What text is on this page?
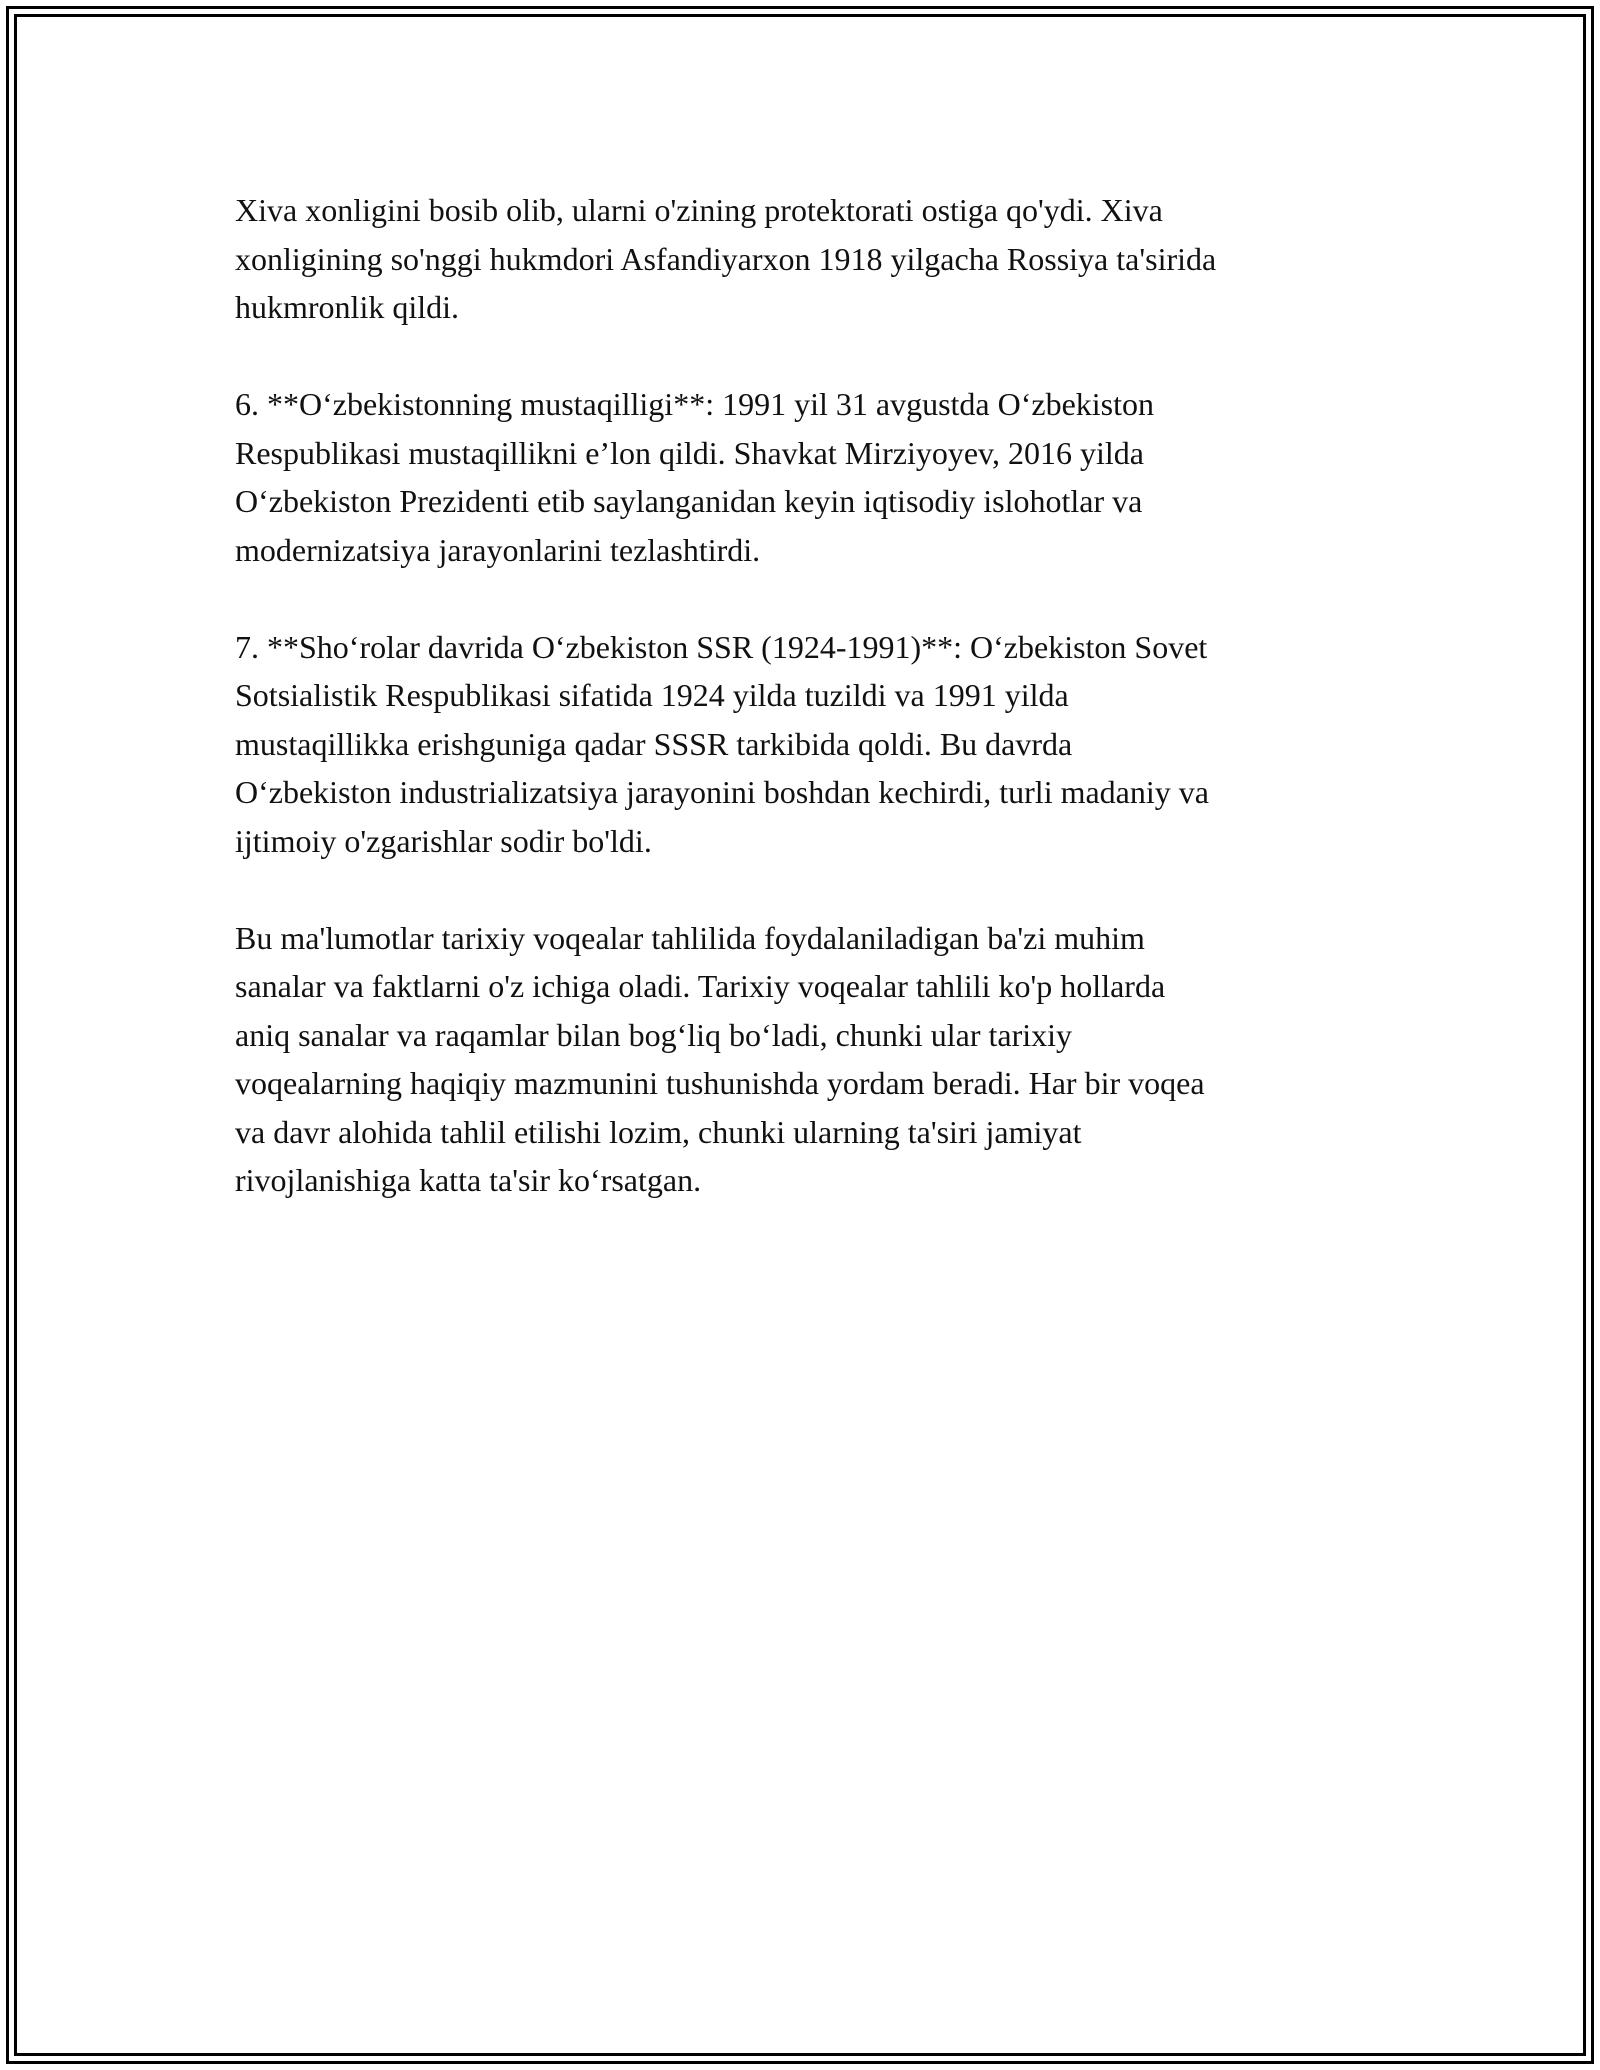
Xiva xonligini bosib olib, ularni o'zining protektorati ostiga qo'ydi. Xiva
xonligining so'nggi hukmdori Asfandiyarxon 1918 yilgacha Rossiya ta'sirida
hukmronlik qildi.

6. **O‘zbekistonning mustaqilligi**: 1991 yil 31 avgustda O‘zbekiston
Respublikasi mustaqillikni e’lon qildi. Shavkat Mirziyoyev, 2016 yilda
O‘zbekiston Prezidenti etib saylanganidan keyin iqtisodiy islohotlar va
modernizatsiya jarayonlarini tezlashtirdi.

7. **Sho‘rolar davrida O‘zbekiston SSR (1924-1991)**: O‘zbekiston Sovet
Sotsialistik Respublikasi sifatida 1924 yilda tuzildi va 1991 yilda
mustaqillikka erishguniga qadar SSSR tarkibida qoldi. Bu davrda
O‘zbekiston industrializatsiya jarayonini boshdan kechirdi, turli madaniy va
ijtimoiy o'zgarishlar sodir bo'ldi.

Bu ma'lumotlar tarixiy voqealar tahlilida foydalaniladigan ba'zi muhim
sanalar va faktlarni o'z ichiga oladi. Tarixiy voqealar tahlili ko'p hollarda
aniq sanalar va raqamlar bilan bog‘liq bo‘ladi, chunki ular tarixiy
voqealarning haqiqiy mazmunini tushunishda yordam beradi. Har bir voqea
va davr alohida tahlil etilishi lozim, chunki ularning ta'siri jamiyat
rivojlanishiga katta ta'sir ko‘rsatgan.
